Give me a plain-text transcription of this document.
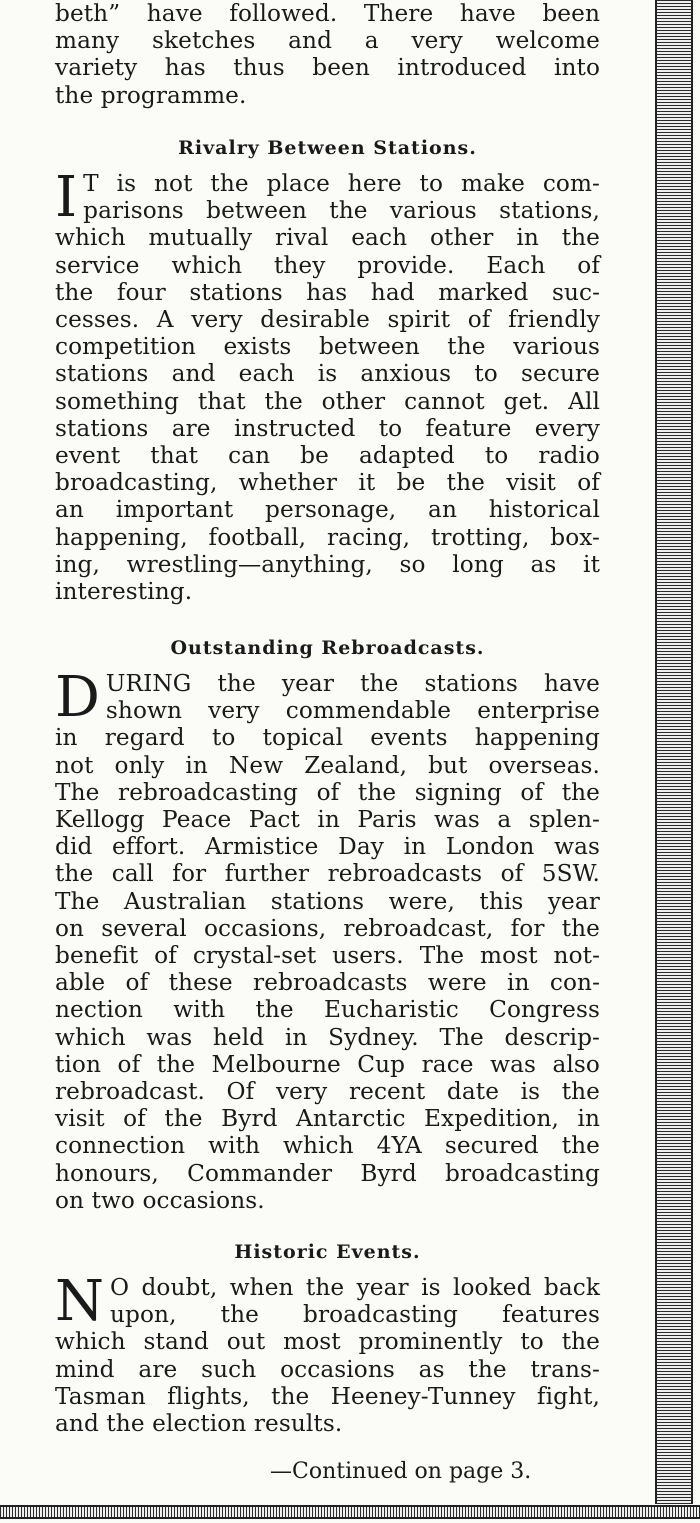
beth” have followed. There have been
many sketches and a very welcome
variety has thus been introduced into
the programme.
Rivalry Between Stations.
I T is not the place here to make com-
parisons between the various stations,
which mutually rival each other in the
service which they provide. Each of
the four stations has had marked suc-
cesses. A very desirable spirit of friendly
competition exists between the various
stations and each is anxious to secure
something that the other cannot get. All
stations are instructed to feature every
event that can be adapted to radio
broadcasting, whether it be the visit of
an important personage, an historical
happening, football, racing, trotting, box-
ing, wrestling—anything, so long as it
interesting.
Outstanding Rebroadcasts.
D URING the year the stations have
shown very commendable enterprise
in regard to topical events happening
not only in New Zealand, but overseas.
The rebroadcasting of the signing of the
Kellogg Peace Pact in Paris was a splen-
did effort. Armistice Day in London was
the call for further rebroadcasts of 5SW.
The Australian stations were, this year
on several occasions, rebroadcast, for the
benefit of crystal-set users. The most not-
able of these rebroadcasts were in con-
nection with the Eucharistic Congress
which was held in Sydney. The descrip-
tion of the Melbourne Cup race was also
rebroadcast. Of very recent date is the
visit of the Byrd Antarctic Expedition, in
connection with which 4YA secured the
honours, Commander Byrd broadcasting
on two occasions.
Historic Events.
N O doubt, when the year is looked back
upon, the broadcasting features
which stand out most prominently to the
mind are such occasions as the trans-
Tasman flights, the Heeney-Tunney fight,
and the election results.
—Continued on page 3.
